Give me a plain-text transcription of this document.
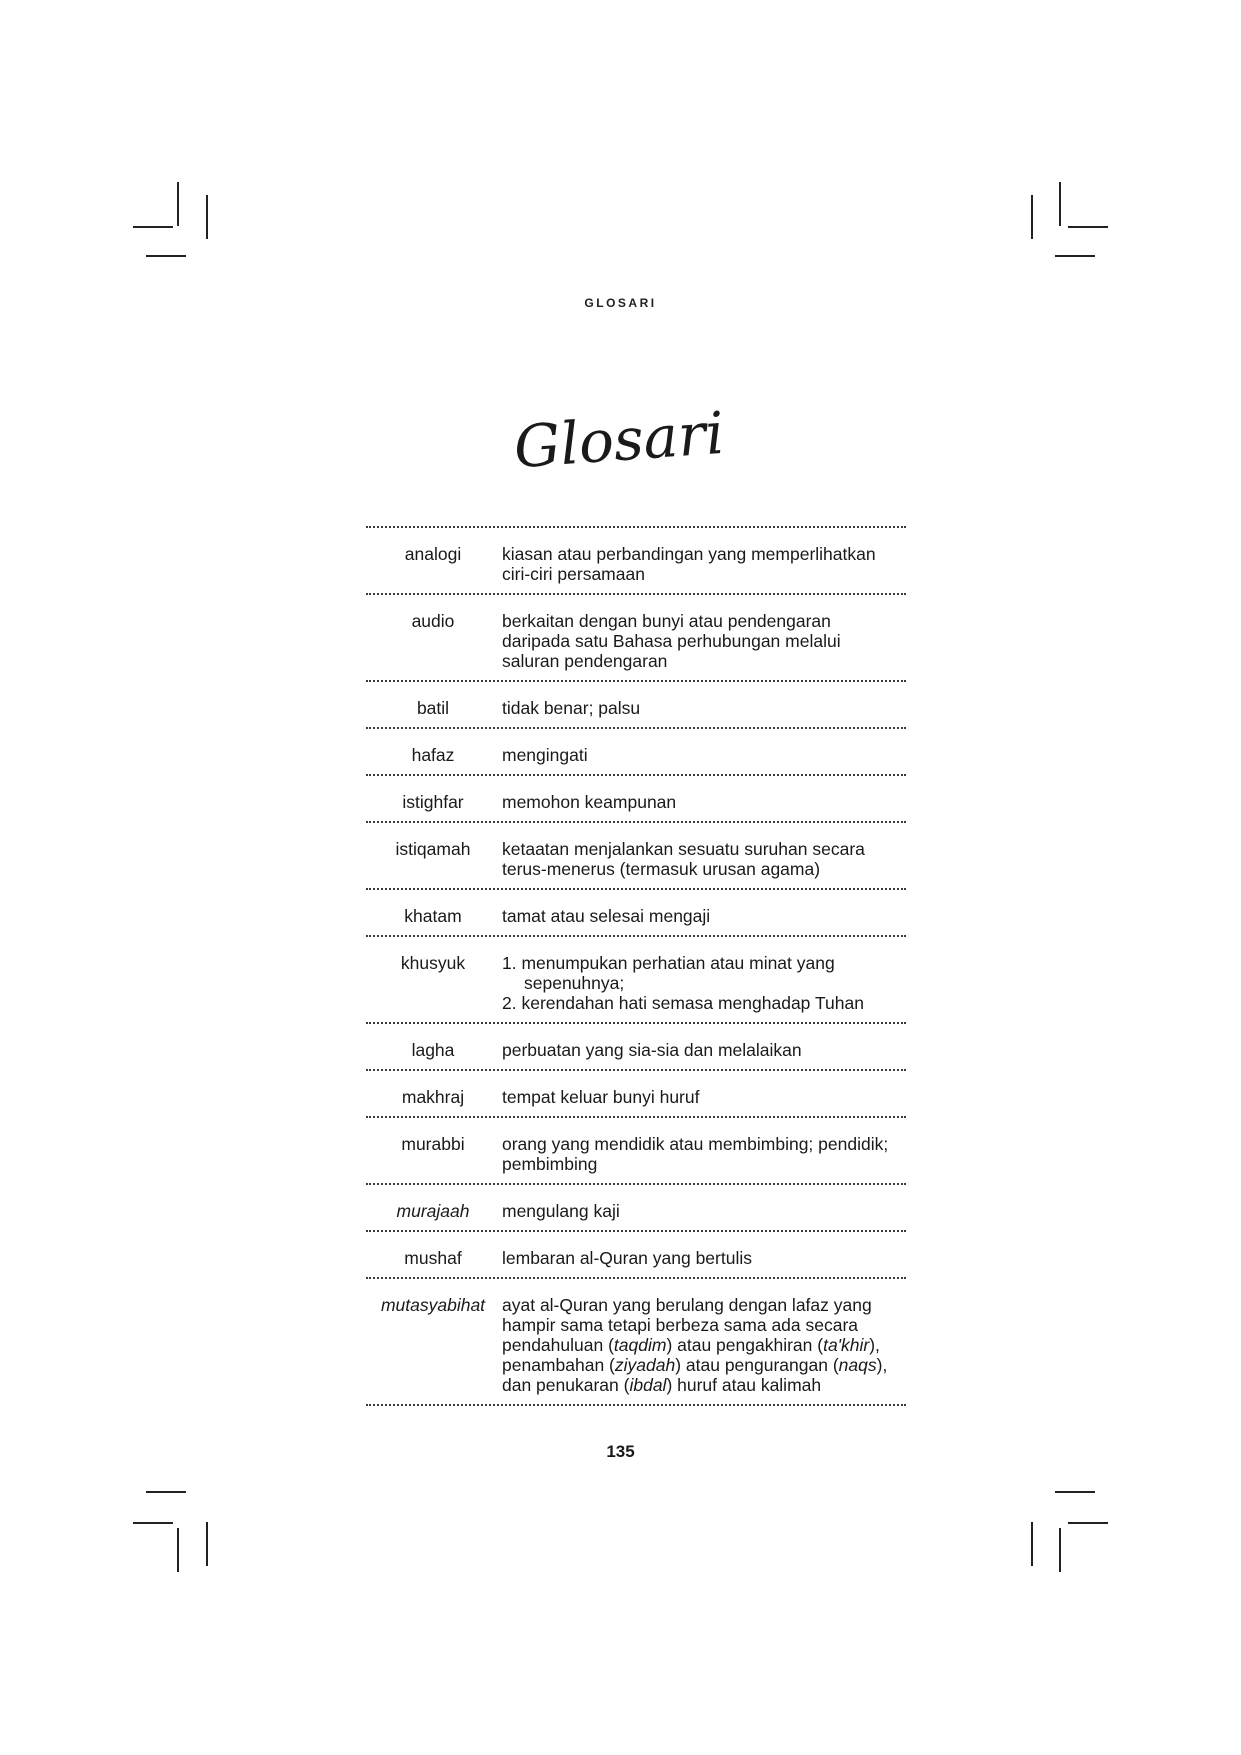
GLOSARI
Glosari
analogi	kiasan atau perbandingan yang memperlihatkan
ciri-ciri persamaan
audio	berkaitan dengan bunyi atau pendengaran
daripada satu Bahasa perhubungan melalui
saluran pendengaran
batil	tidak benar; palsu
hafaz	mengingati
istighfar	memohon keampunan
istiqamah	ketaatan menjalankan sesuatu suruhan secara
terus-menerus (termasuk urusan agama)
khatam	tamat atau selesai mengaji
khusyuk	1. menumpukan perhatian atau minat yang
sepenuhnya;
2. kerendahan hati semasa menghadap Tuhan
lagha	perbuatan yang sia-sia dan melalaikan
makhraj	tempat keluar bunyi huruf
murabbi	orang yang mendidik atau membimbing; pendidik;
pembimbing
murajaah	mengulang kaji
mushaf	lembaran al-Quran yang bertulis
mutasyabihat ayat al-Quran yang berulang dengan lafaz yang
hampir sama tetapi berbeza sama ada secara
pendahuluan (taqdim) atau pengakhiran (ta'khir),
penambahan (ziyadah) atau pengurangan (naqs),
dan penukaran (ibdal) huruf atau kalimah
135
